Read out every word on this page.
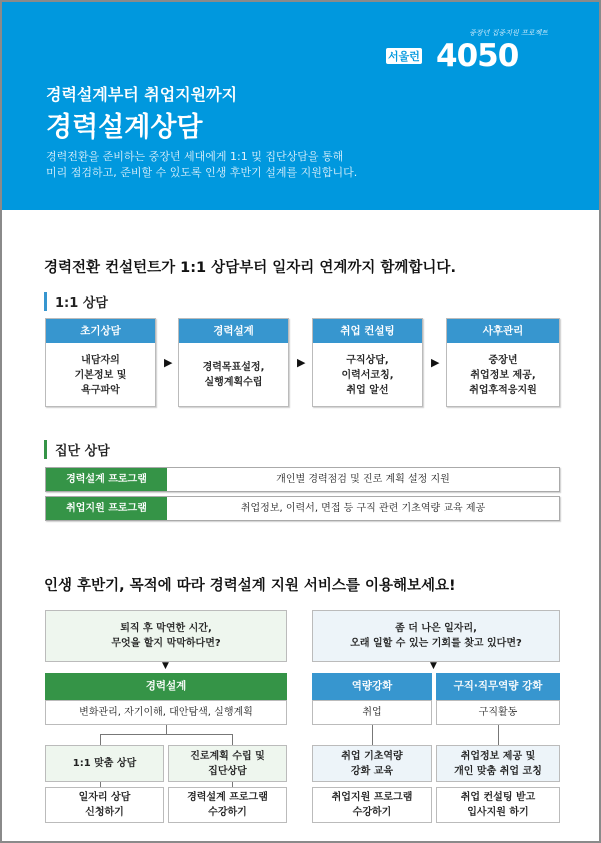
중장년 집중지원 프로젝트
서울런 4050
경력설계부터 취업지원까지
경력설계상담
경력전환을 준비하는 중장년 세대에게 1:1 및 집단상담을 통해
미리 점검하고, 준비할 수 있도록 인생 후반기 설계를 지원합니다.
경력전환 컨설턴트가 1:1 상담부터 일자리 연계까지 함께합니다.
1:1 상담
초기상담
내담자의
기본정보 및
욕구파악
▶
경력설계
경력목표설정,
실행계획수립
▶
취업 컨설팅
구직상담,
이력서코칭,
취업 알선
▶
사후관리
중장년
취업정보 제공,
취업후적응지원
집단 상담
경력설계 프로그램	개인별 경력점검 및 진로 계획 설정 지원
취업지원 프로그램	취업정보, 이력서, 면접 등 구직 관련 기초역량 교육 제공
인생 후반기, 목적에 따라 경력설계 지원 서비스를 이용해보세요!
퇴직 후 막연한 시간,
무엇을 할지 막막하다면?
▼
경력설계
변화관리, 자기이해, 대안탐색, 실행계획
1:1 맞춤 상담
진로계획 수립 및
집단상담
일자리 상담
신청하기
경력설계 프로그램
수강하기
좀 더 나은 일자리,
오래 일할 수 있는 기회를 찾고 있다면?
▼
역량강화	구직·직무역량 강화
취업	구직활동
취업 기초역량
강화 교육
취업정보 제공 및
개인 맞춤 취업 코칭
취업지원 프로그램
수강하기
취업 컨설팅 받고
입사지원 하기
